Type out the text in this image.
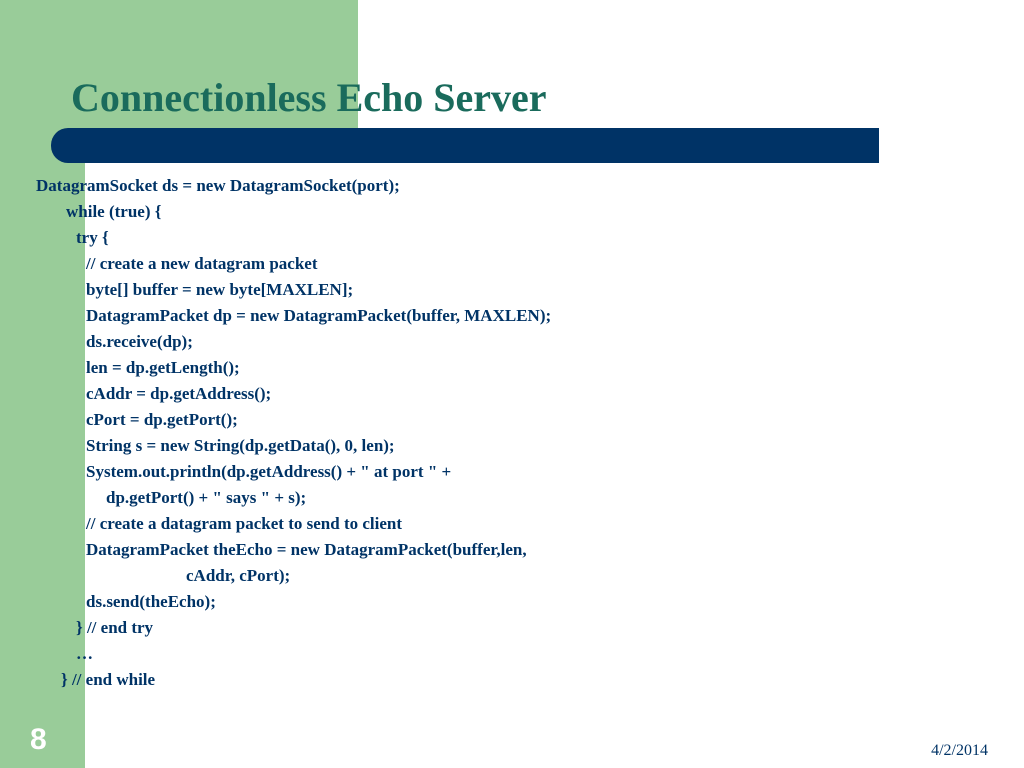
Connectionless Echo Server
DatagramSocket ds = new DatagramSocket(port);
while (true) {
try {
// create a new datagram packet
byte[] buffer = new byte[MAXLEN];
DatagramPacket dp = new DatagramPacket(buffer, MAXLEN);
ds.receive(dp);
len = dp.getLength();
cAddr = dp.getAddress();
cPort = dp.getPort();
String s = new String(dp.getData(), 0, len);
System.out.println(dp.getAddress() + " at port " +
dp.getPort() + " says " + s);
// create a datagram packet to send to client
DatagramPacket theEcho = new DatagramPacket(buffer,len,
cAddr, cPort);
ds.send(theEcho);
} // end try
…
} // end while
8	4/2/2014
